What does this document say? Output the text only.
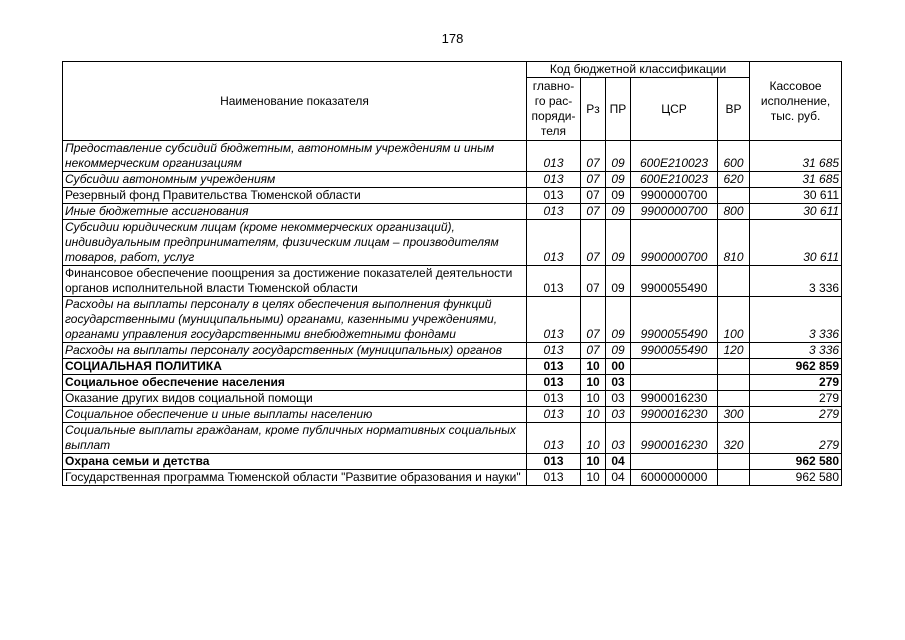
178
Наименование показателя	Код бюджетной классификации					Кассовое исполнение, тыс. руб.
	главно-го рас-поряди-теля	Рз	ПР	ЦСР	ВР	
Предоставление субсидий бюджетным, автономным учреждениям и иным некоммерческим организациям	013	07	09	600E210023	600	31 685
Субсидии автономным учреждениям	013	07	09	600E210023	620	31 685
Резервный фонд Правительства Тюменской области	013	07	09	9900000700		30 611
Иные бюджетные ассигнования	013	07	09	9900000700	800	30 611
Субсидии юридическим лицам (кроме некоммерческих организаций), индивидуальным предпринимателям, физическим лицам – производителям товаров, работ, услуг	013	07	09	9900000700	810	30 611
Финансовое обеспечение поощрения за достижение показателей деятельности органов исполнительной власти Тюменской области	013	07	09	9900055490		3 336
Расходы на выплаты персоналу в целях обеспечения выполнения функций государственными (муниципальными) органами, казенными учреждениями, органами управления государственными внебюджетными фондами	013	07	09	9900055490	100	3 336
Расходы на выплаты персоналу государственных (муниципальных) органов	013	07	09	9900055490	120	3 336
СОЦИАЛЬНАЯ ПОЛИТИКА	013	10	00			962 859
Социальное обеспечение населения	013	10	03			279
Оказание других видов социальной помощи	013	10	03	9900016230		279
Социальное обеспечение и иные выплаты населению	013	10	03	9900016230	300	279
Социальные выплаты гражданам, кроме публичных нормативных социальных выплат	013	10	03	9900016230	320	279
Охрана семьи и детства	013	10	04			962 580
Государственная программа Тюменской области "Развитие образования и науки"	013	10	04	6000000000		962 580
